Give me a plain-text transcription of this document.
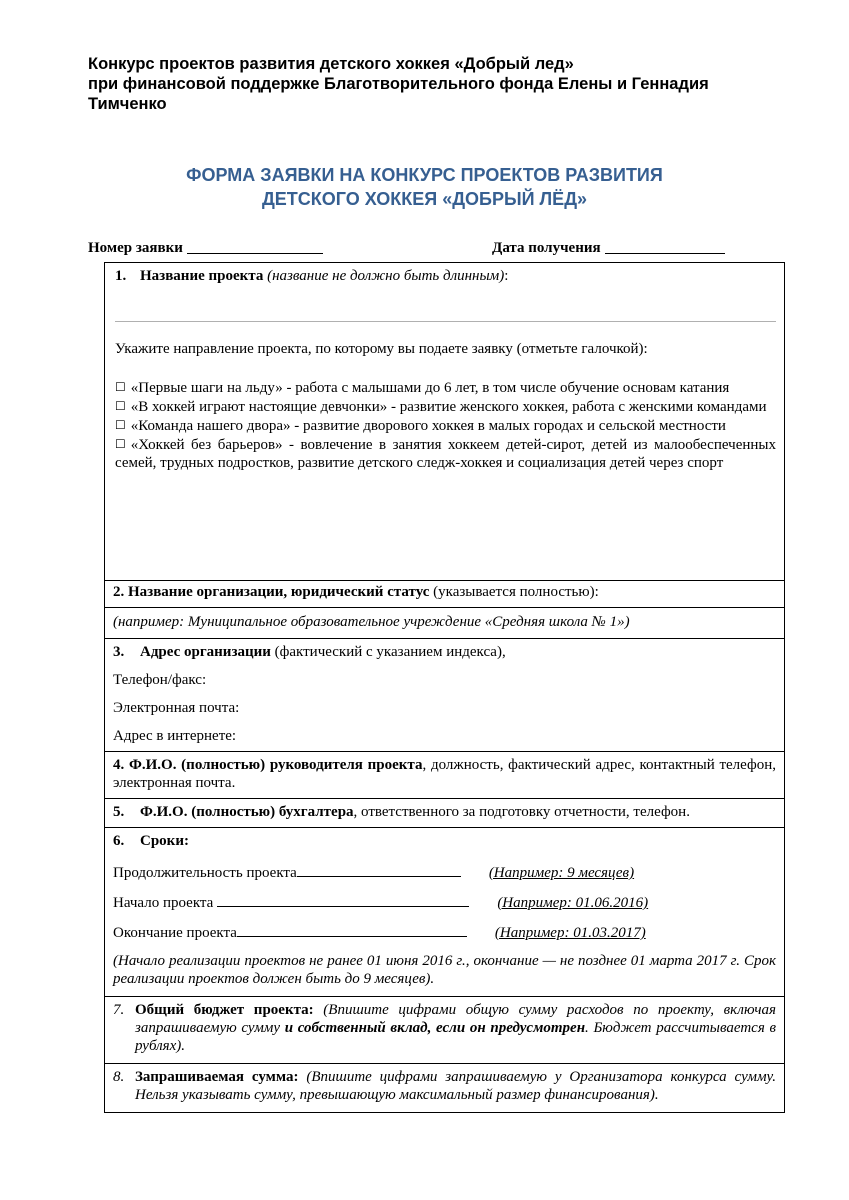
Конкурс проектов развития детского хоккея «Добрый лед»
при финансовой поддержке Благотворительного фонда Елены и Геннадия
Тимченко
ФОРМА ЗАЯВКИ НА КОНКУРС ПРОЕКТОВ РАЗВИТИЯ
ДЕТСКОГО ХОККЕЯ «ДОБРЫЙ ЛЁД»
Номер заявки	Дата получения
1. Название проекта (название не должно быть длинным):
Укажите направление проекта, по которому вы подаете заявку (отметьте галочкой):
☐ «Первые шаги на льду» - работа с малышами до 6 лет, в том числе обучение основам катания
☐ «В хоккей играют настоящие девчонки» - развитие женского хоккея, работа с женскими командами
☐ «Команда нашего двора» - развитие дворового хоккея в малых городах и сельской местности
☐ «Хоккей без барьеров» - вовлечение в занятия хоккеем детей-сирот, детей из малообеспеченных семей, трудных подростков, развитие детского следж-хоккея и социализация детей через спорт
2. Название организации, юридический статус (указывается полностью):
(например: Муниципальное образовательное учреждение «Средняя школа № 1»)
3. Адрес организации (фактический с указанием индекса),
Телефон/факс:
Электронная почта:
Адрес в интернете:
4. Ф.И.О. (полностью) руководителя проекта, должность, фактический адрес, контактный телефон, электронная почта.
5. Ф.И.О. (полностью) бухгалтера, ответственного за подготовку отчетности, телефон.
6. Сроки:
Продолжительность проекта	(Например: 9 месяцев)
Начало проекта	(Например: 01.06.2016)
Окончание проекта	(Например: 01.03.2017)
(Начало реализации проектов не ранее 01 июня 2016 г., окончание — не позднее 01 марта 2017 г. Срок реализации проектов должен быть до 9 месяцев).
7. Общий бюджет проекта: (Впишите цифрами общую сумму расходов по проекту, включая запрашиваемую сумму и собственный вклад, если он предусмотрен. Бюджет рассчитывается в рублях).
8. Запрашиваемая сумма: (Впишите цифрами запрашиваемую у Организатора конкурса сумму. Нельзя указывать сумму, превышающую максимальный размер финансирования).
